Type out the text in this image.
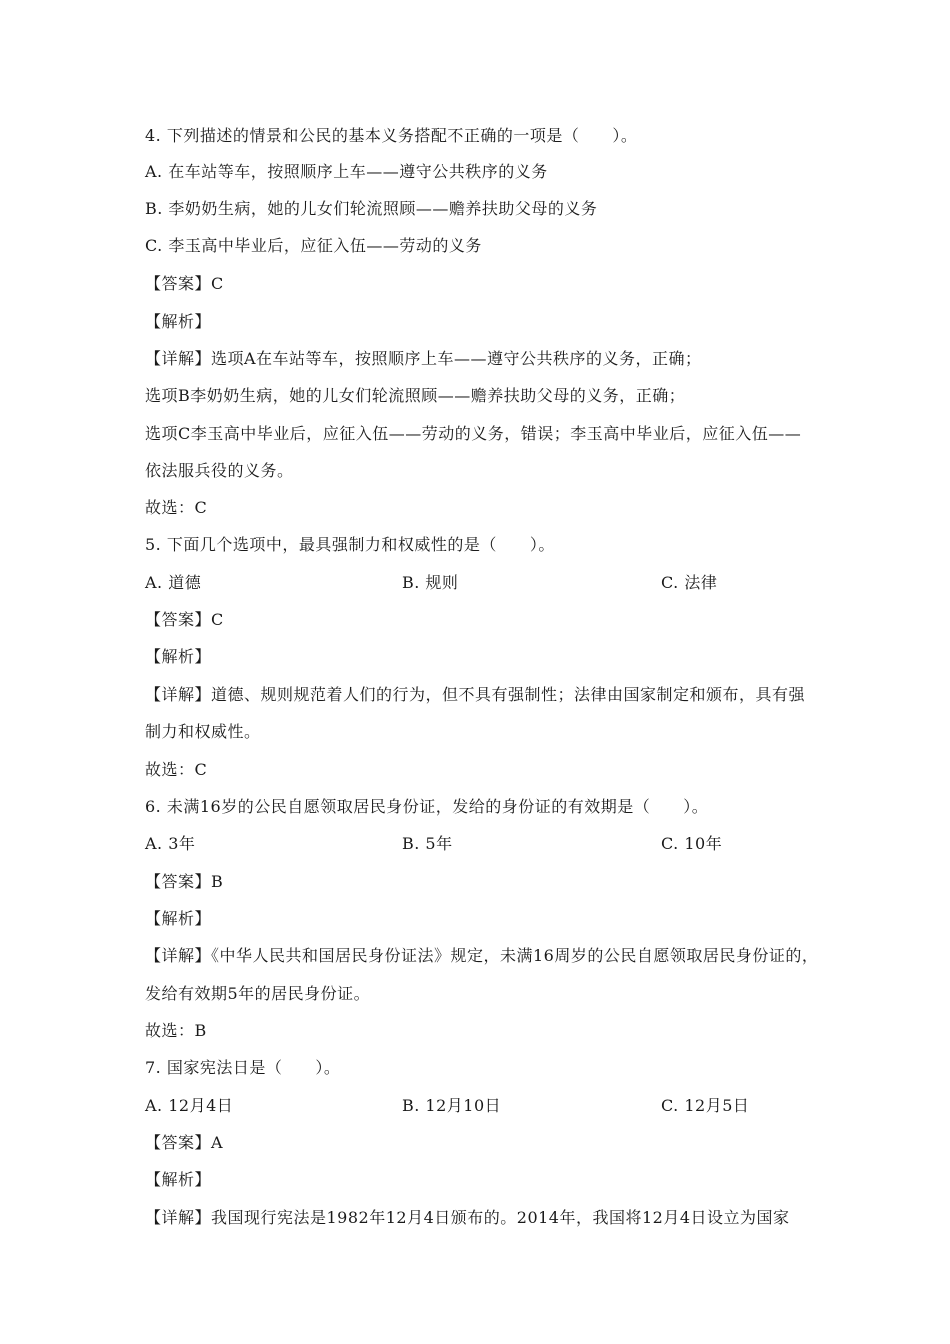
4. 下列描述的情景和公民的基本义务搭配不正确的一项是（　　）。
A. 在车站等车，按照顺序上车——遵守公共秩序的义务
B. 李奶奶生病，她的儿女们轮流照顾——赡养扶助父母的义务
C. 李玉高中毕业后，应征入伍——劳动的义务
【答案】C
【解析】
【详解】选项A在车站等车，按照顺序上车——遵守公共秩序的义务，正确；
选项B李奶奶生病，她的儿女们轮流照顾——赡养扶助父母的义务，正确；
选项C李玉高中毕业后，应征入伍——劳动的义务，错误；李玉高中毕业后，应征入伍——
依法服兵役的义务。
故选：C
5. 下面几个选项中，最具强制力和权威性的是（　　）。
A. 道德	B. 规则	C. 法律
【答案】C
【解析】
【详解】道德、规则规范着人们的行为，但不具有强制性；法律由国家制定和颁布，具有强
制力和权威性。
故选：C
6. 未满16岁的公民自愿领取居民身份证，发给的身份证的有效期是（　　）。
A. 3年	B. 5年	C. 10年
【答案】B
【解析】
【详解】《中华人民共和国居民身份证法》规定，未满16周岁的公民自愿领取居民身份证的，
发给有效期5年的居民身份证。
故选：B
7. 国家宪法日是（　　）。
A. 12月4日	B. 12月10日	C. 12月5日
【答案】A
【解析】
【详解】我国现行宪法是1982年12月4日颁布的。2014年，我国将12月4日设立为国家
